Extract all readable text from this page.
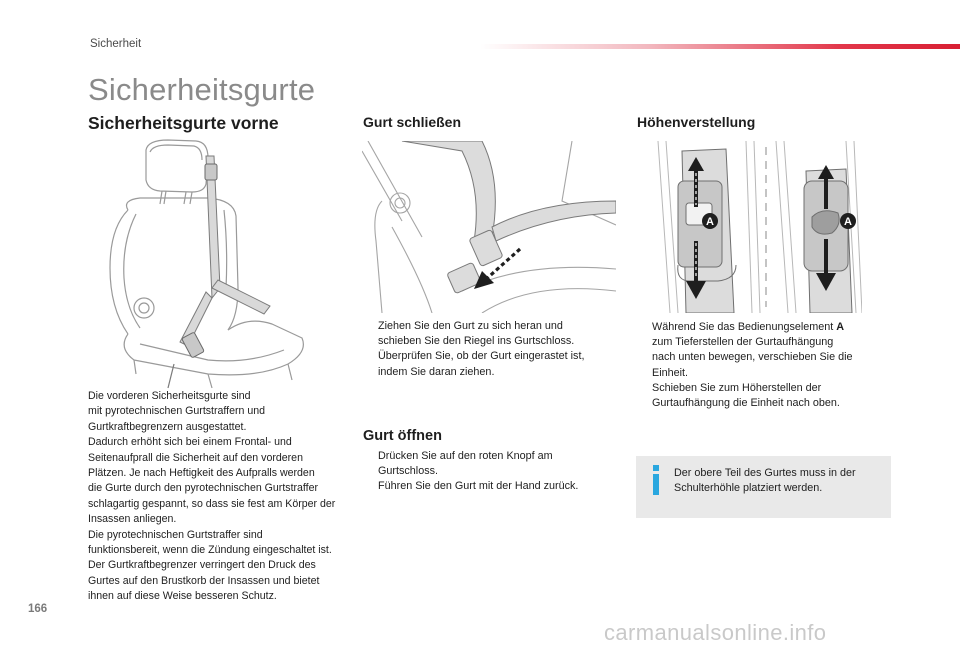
Sicherheit
Sicherheitsgurte
Sicherheitsgurte vorne
Die vorderen Sicherheitsgurte sind
mit pyrotechnischen Gurtstraffern und
Gurtkraftbegrenzern ausgestattet.
Dadurch erhöht sich bei einem Frontal- und
Seitenaufprall die Sicherheit auf den vorderen
Plätzen. Je nach Heftigkeit des Aufpralls werden
die Gurte durch den pyrotechnischen Gurtstraffer
schlagartig gespannt, so dass sie fest am Körper der
Insassen anliegen.
Die pyrotechnischen Gurtstraffer sind
funktionsbereit, wenn die Zündung eingeschaltet ist.
Der Gurtkraftbegrenzer verringert den Druck des
Gurtes auf den Brustkorb der Insassen und bietet
ihnen auf diese Weise besseren Schutz.
Gurt schließen
Ziehen Sie den Gurt zu sich heran und
schieben Sie den Riegel ins Gurtschloss.
Überprüfen Sie, ob der Gurt eingerastet ist,
indem Sie daran ziehen.
Gurt öffnen
Drücken Sie auf den roten Knopf am
Gurtschloss.
Führen Sie den Gurt mit der Hand zurück.
Höhenverstellung
A	A
Während Sie das Bedienungselement A
zum Tieferstellen der Gurtaufhängung
nach unten bewegen, verschieben Sie die
Einheit.
Schieben Sie zum Höherstellen der
Gurtaufhängung die Einheit nach oben.
Der obere Teil des Gurtes muss in der
Schulterhöhle platziert werden.
166
carmanualsonline.info
